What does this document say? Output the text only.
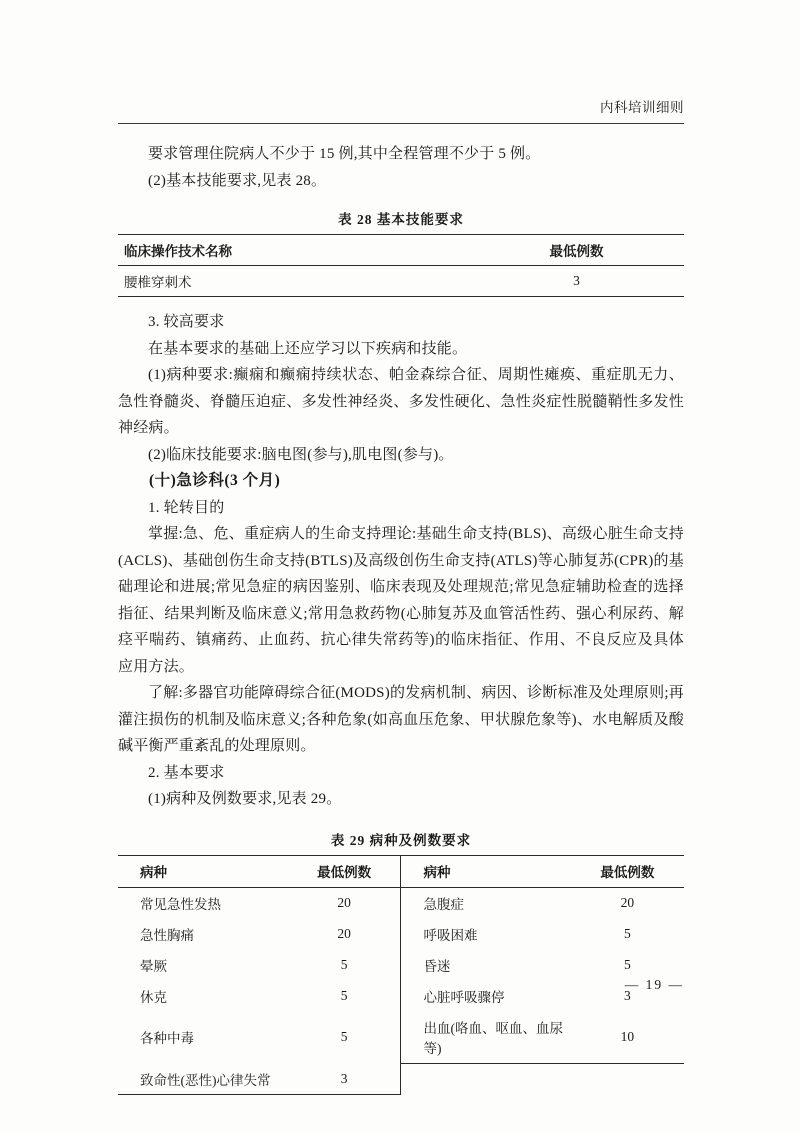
内科培训细则

要求管理住院病人不少于 15 例,其中全程管理不少于 5 例。

(2)基本技能要求,见表 28。

表 28 基本技能要求
临床操作技术名称	最低例数
腰椎穿刺术	3

3. 较高要求

在基本要求的基础上还应学习以下疾病和技能。

(1)病种要求:癫痫和癫痫持续状态、帕金森综合征、周期性瘫痪、重症肌无力、急性脊髓炎、脊髓压迫症、多发性神经炎、多发性硬化、急性炎症性脱髓鞘性多发性神经病。

(2)临床技能要求:脑电图(参与),肌电图(参与)。

(十)急诊科(3 个月)

1. 轮转目的

掌握:急、危、重症病人的生命支持理论:基础生命支持(BLS)、高级心脏生命支持(ACLS)、基础创伤生命支持(BTLS)及高级创伤生命支持(ATLS)等心肺复苏(CPR)的基础理论和进展;常见急症的病因鉴别、临床表现及处理规范;常见急症辅助检查的选择指征、结果判断及临床意义;常用急救药物(心肺复苏及血管活性药、强心利尿药、解痉平喘药、镇痛药、止血药、抗心律失常药等)的临床指征、作用、不良反应及具体应用方法。

了解:多器官功能障碍综合征(MODS)的发病机制、病因、诊断标准及处理原则;再灌注损伤的机制及临床意义;各种危象(如高血压危象、甲状腺危象等)、水电解质及酸碱平衡严重紊乱的处理原则。

2. 基本要求

(1)病种及例数要求,见表 29。

表 29 病种及例数要求
病种	最低例数	病种	最低例数
常见急性发热	20	急腹症	20
急性胸痛	20	呼吸困难	5
晕厥	5	昏迷	5
休克	5	心脏呼吸骤停	3
各种中毒	5	出血(咯血、呕血、血尿等)	10
致命性(恶性)心律失常	3		
— 19 —
